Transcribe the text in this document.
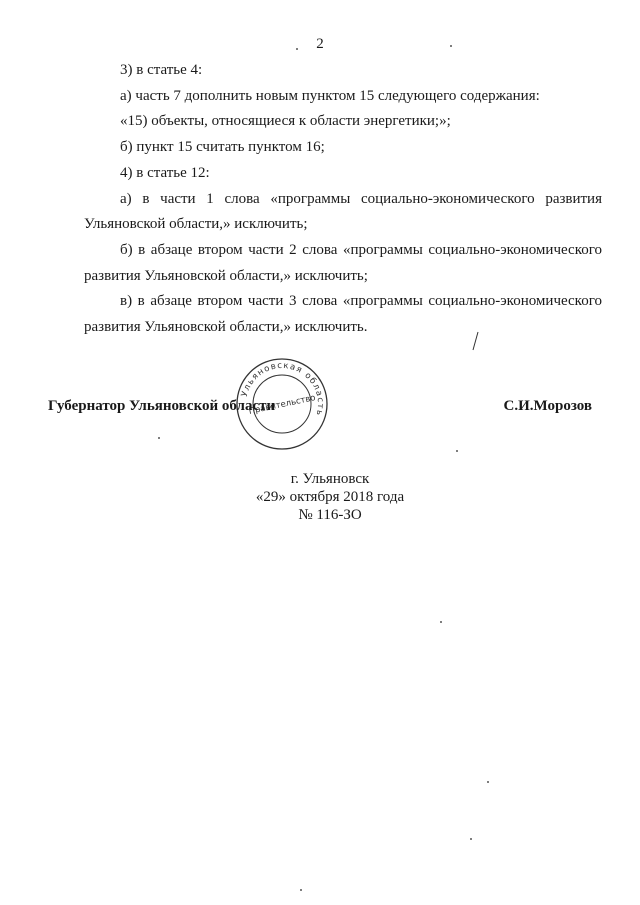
2

3) в статье 4:

а) часть 7 дополнить новым пунктом 15 следующего содержания:

«15) объекты, относящиеся к области энергетики;»;

б) пункт 15 считать пунктом 16;

4) в статье 12:

а) в части 1 слова «программы социально-экономического развития Ульяновской области,» исключить;

б) в абзаце втором части 2 слова «программы социально-экономического развития Ульяновской области,» исключить;

в) в абзаце втором части 3 слова «программы социально-экономического развития Ульяновской области,» исключить.

Ульяновская область
Правительство
Губернатор Ульяновской области	С.И.Морозов
г. Ульяновск
«29» октября 2018 года
№ 116-ЗО
